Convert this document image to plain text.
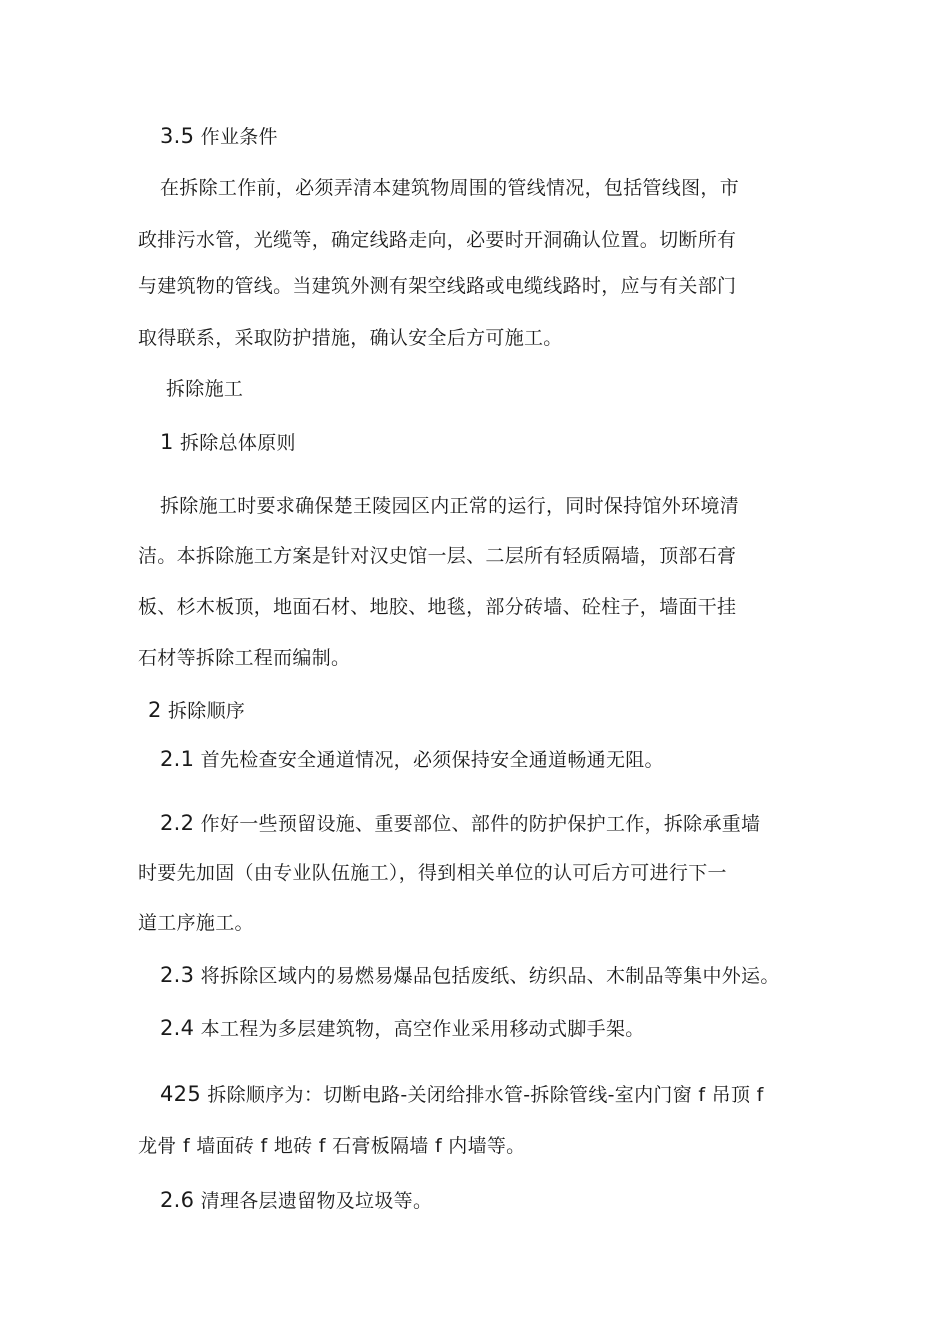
3.5 作业条件
在拆除工作前，必须弄清本建筑物周围的管线情况，包括管线图，市
政排污水管，光缆等，确定线路走向，必要时开洞确认位置。切断所有
与建筑物的管线。当建筑外测有架空线路或电缆线路时，应与有关部门
取得联系，采取防护措施，确认安全后方可施工。
拆除施工
1 拆除总体原则
拆除施工时要求确保楚王陵园区内正常的运行，同时保持馆外环境清
洁。本拆除施工方案是针对汉史馆一层、二层所有轻质隔墙，顶部石膏
板、杉木板顶，地面石材、地胶、地毯，部分砖墙、砼柱子，墙面干挂
石材等拆除工程而编制。
2 拆除顺序
2.1 首先检查安全通道情况，必须保持安全通道畅通无阻。
2.2 作好一些预留设施、重要部位、部件的防护保护工作，拆除承重墙
时要先加固（由专业队伍施工），得到相关单位的认可后方可进行下一
道工序施工。
2.3 将拆除区域内的易燃易爆品包括废纸、纺织品、木制品等集中外运。
2.4 本工程为多层建筑物，高空作业采用移动式脚手架。
425 拆除顺序为：切断电路-关闭给排水管-拆除管线-室内门窗 f 吊顶 f
龙骨 f 墙面砖 f 地砖 f 石膏板隔墙 f 内墙等。
2.6 清理各层遗留物及垃圾等。
